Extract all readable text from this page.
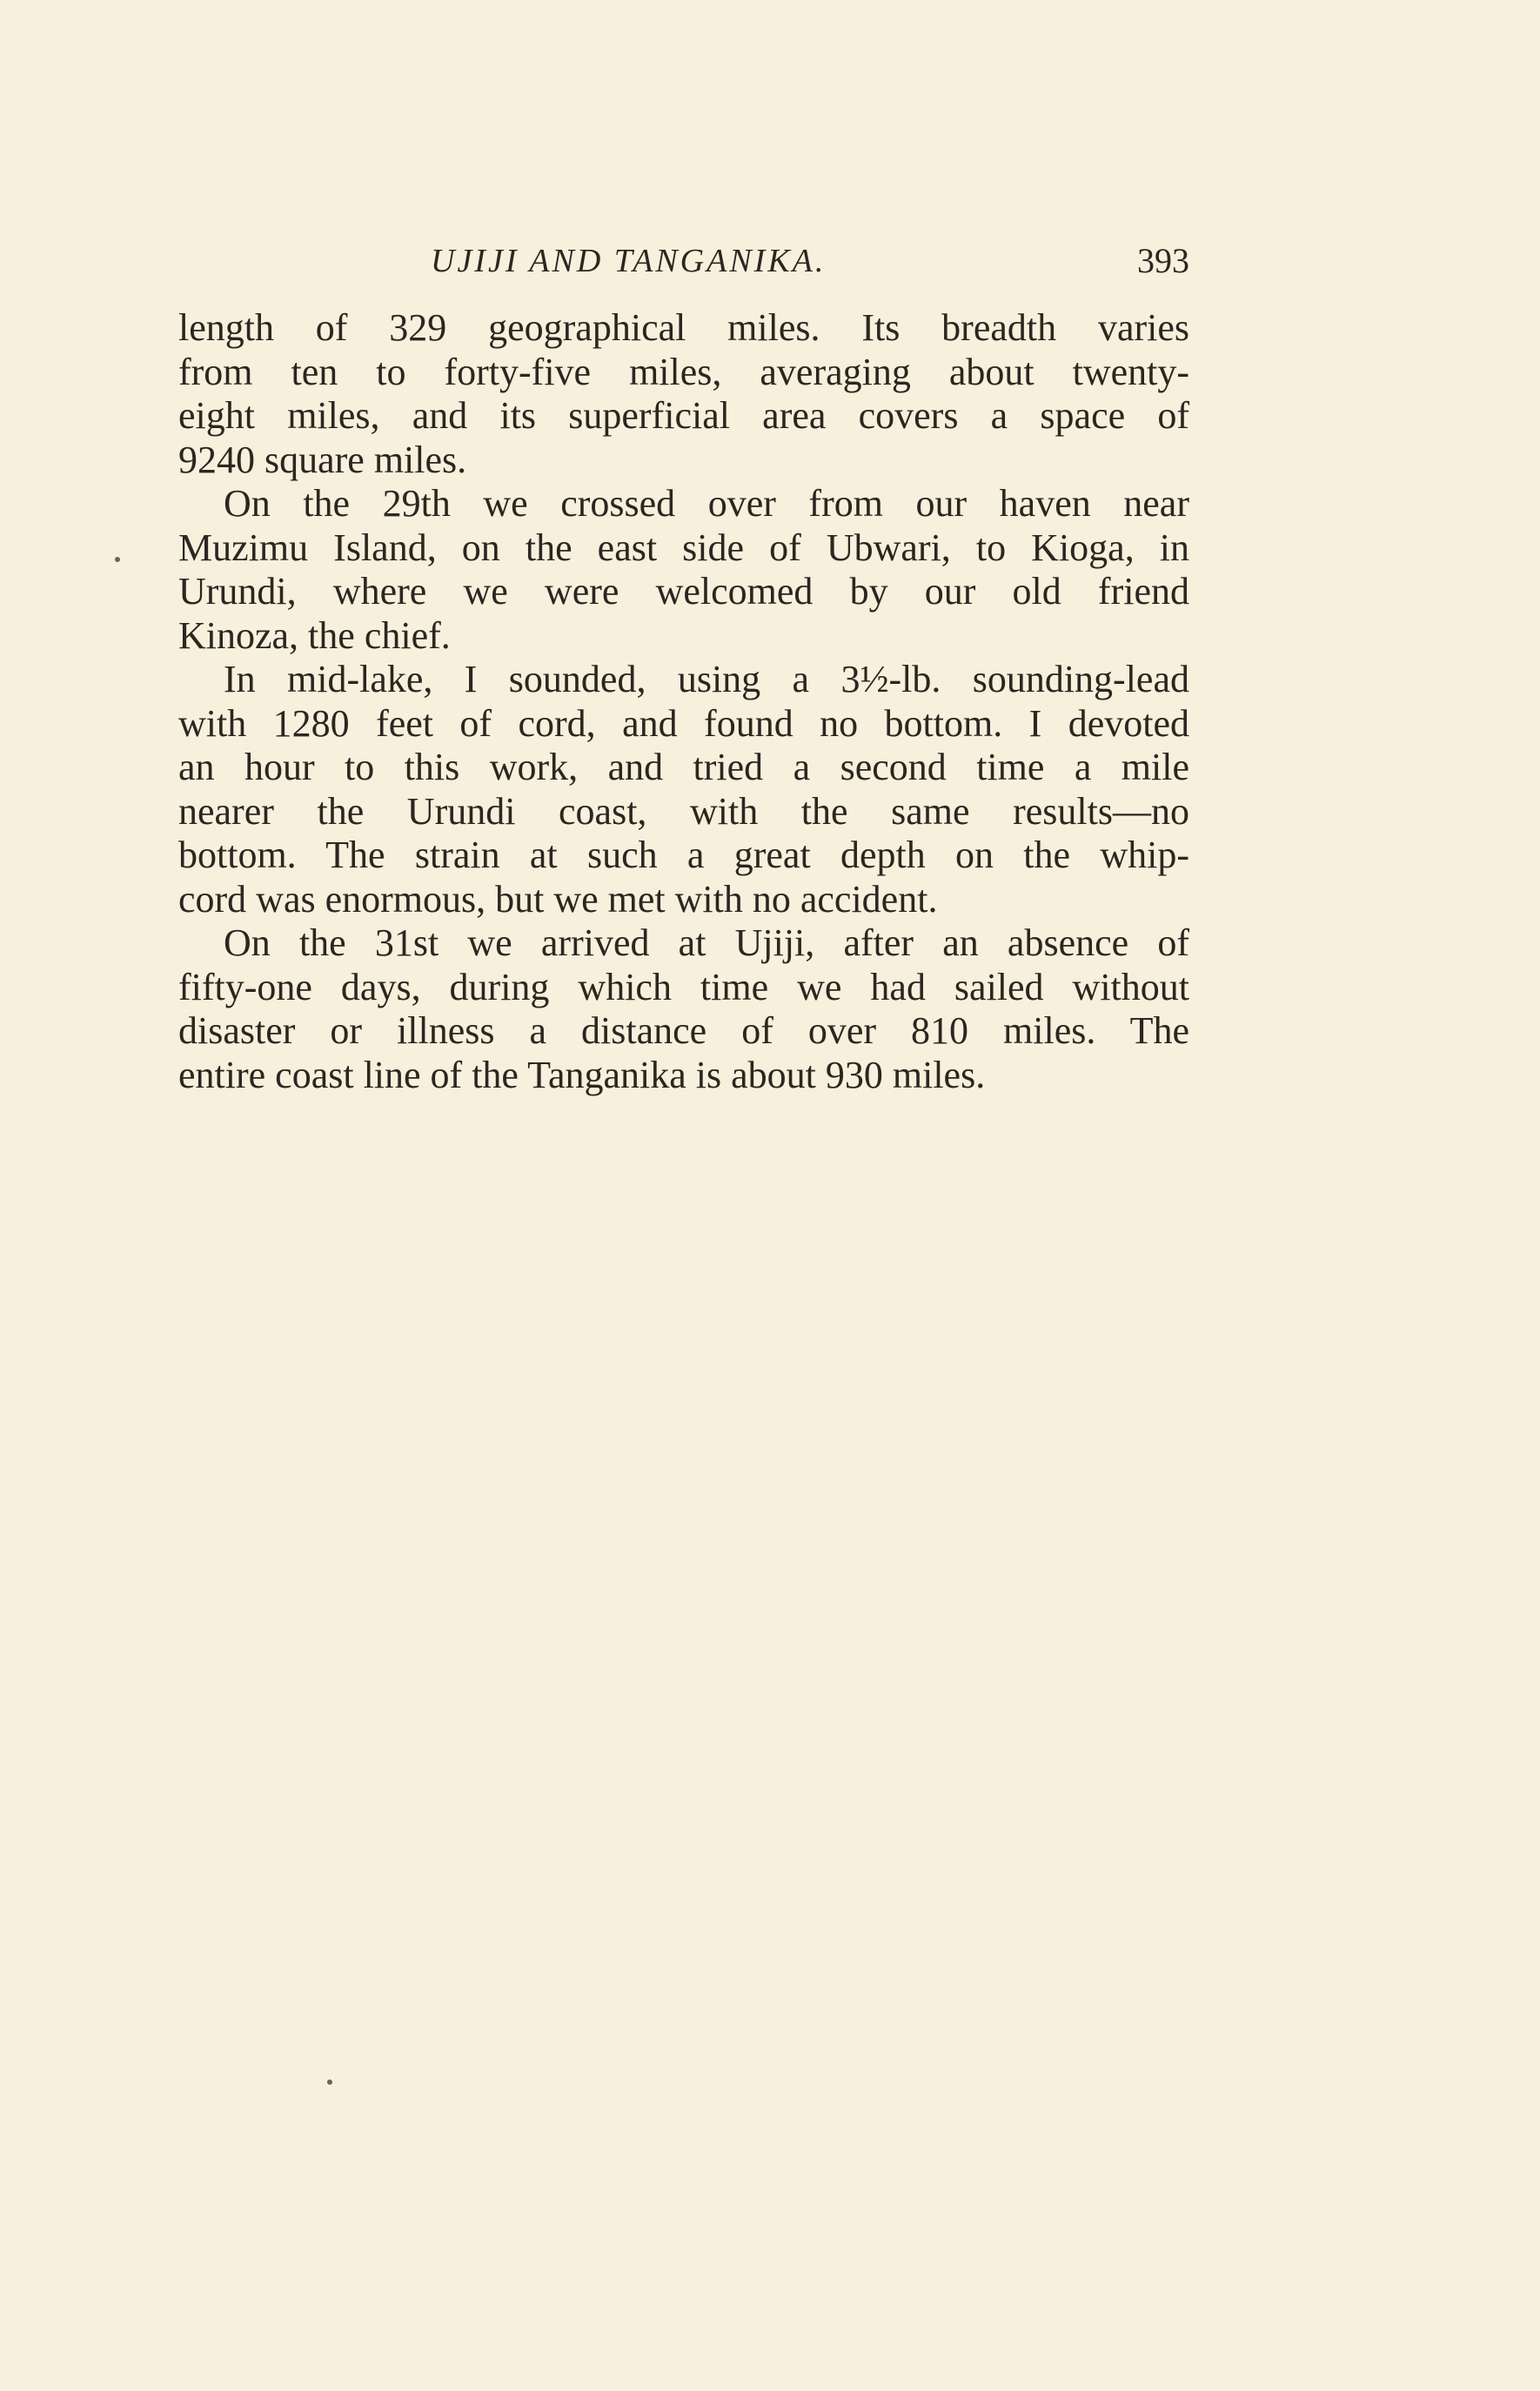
UJIJI AND TANGANIKA.	393
length of 329 geographical miles. Its breadth varies
from ten to forty-five miles, averaging about twenty-
eight miles, and its superficial area covers a space of
9240 square miles.
On the 29th we crossed over from our haven near
Muzimu Island, on the east side of Ubwari, to Kioga, in
Urundi, where we were welcomed by our old friend
Kinoza, the chief.
In mid-lake, I sounded, using a 3½-lb. sounding-lead
with 1280 feet of cord, and found no bottom. I devoted
an hour to this work, and tried a second time a mile
nearer the Urundi coast, with the same results—no
bottom. The strain at such a great depth on the whip-
cord was enormous, but we met with no accident.
On the 31st we arrived at Ujiji, after an absence of
fifty-one days, during which time we had sailed without
disaster or illness a distance of over 810 miles. The
entire coast line of the Tanganika is about 930 miles.
